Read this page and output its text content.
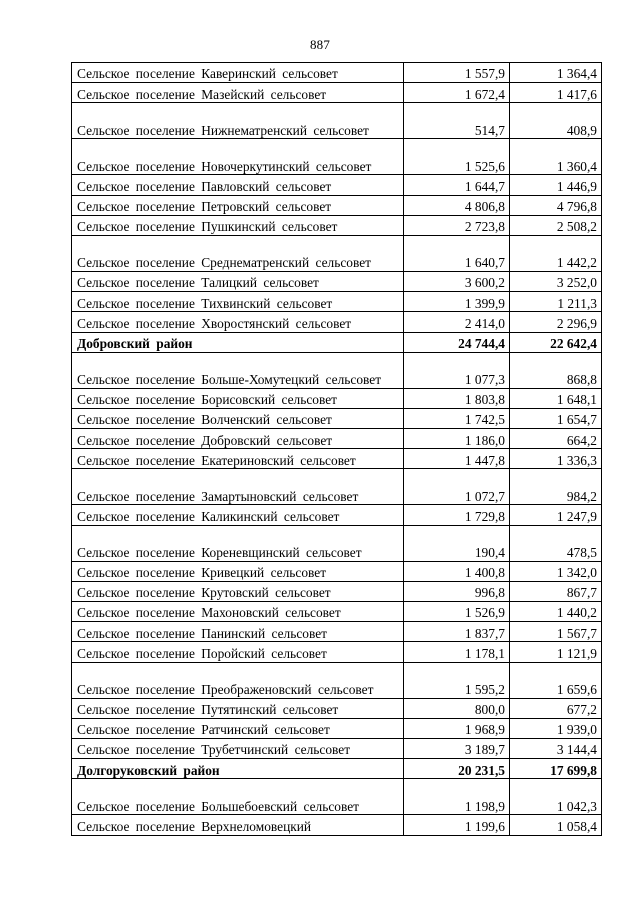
887
Сельское поселение Каверинский сельсовет	1 557,9	1 364,4
Сельское поселение Мазейский сельсовет	1 672,4	1 417,6
Сельское поселение Нижнематренский сельсовет	514,7	408,9
Сельское поселение Новочеркутинский сельсовет	1 525,6	1 360,4
Сельское поселение Павловский сельсовет	1 644,7	1 446,9
Сельское поселение Петровский сельсовет	4 806,8	4 796,8
Сельское поселение Пушкинский сельсовет	2 723,8	2 508,2
Сельское поселение Среднематренский сельсовет	1 640,7	1 442,2
Сельское поселение Талицкий сельсовет	3 600,2	3 252,0
Сельское поселение Тихвинский сельсовет	1 399,9	1 211,3
Сельское поселение Хворостянский сельсовет	2 414,0	2 296,9
Добровский район	24 744,4	22 642,4
Сельское поселение Больше-Хомутецкий сельсовет	1 077,3	868,8
Сельское поселение Борисовский сельсовет	1 803,8	1 648,1
Сельское поселение Волченский сельсовет	1 742,5	1 654,7
Сельское поселение Добровский сельсовет	1 186,0	664,2
Сельское поселение Екатериновский сельсовет	1 447,8	1 336,3
Сельское поселение Замартыновский сельсовет	1 072,7	984,2
Сельское поселение Каликинский сельсовет	1 729,8	1 247,9
Сельское поселение Кореневщинский сельсовет	190,4	478,5
Сельское поселение Кривецкий сельсовет	1 400,8	1 342,0
Сельское поселение Крутовский сельсовет	996,8	867,7
Сельское поселение Махоновский сельсовет	1 526,9	1 440,2
Сельское поселение Панинский сельсовет	1 837,7	1 567,7
Сельское поселение Поройский сельсовет	1 178,1	1 121,9
Сельское поселение Преображеновский сельсовет	1 595,2	1 659,6
Сельское поселение Путятинский сельсовет	800,0	677,2
Сельское поселение Ратчинский сельсовет	1 968,9	1 939,0
Сельское поселение Трубетчинский сельсовет	3 189,7	3 144,4
Долгоруковский район	20 231,5	17 699,8
Сельское поселение Большебоевский сельсовет	1 198,9	1 042,3
Сельское поселение Верхнеломовецкий	1 199,6	1 058,4
